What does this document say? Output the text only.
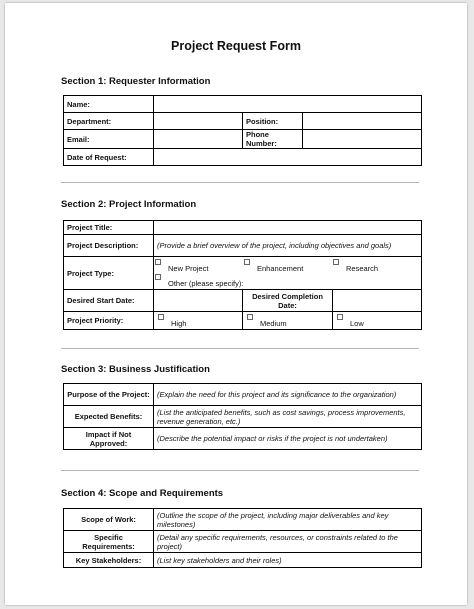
Project Request Form
Section 1: Requester Information
Name:			
Department:		Position:	
Email:		Phone Number:	
Date of Request:			
Section 2: Project Information
Project Title:			
Project Description:	(Provide a brief overview of the project, including objectives and goals)		
Project Type:	New Project Enhancement Research
Other (please specify):		

Desired Start Date:		Desired Completion Date:	
Project Priority:	High	Medium	Low
Section 3: Business Justification
Purpose of the Project:	(Explain the need for this project and its significance to the organization)
Expected Benefits:	(List the anticipated benefits, such as cost savings, process improvements, revenue generation, etc.)
Impact if Not Approved:	(Describe the potential impact or risks if the project is not undertaken)
Section 4: Scope and Requirements
Scope of Work:	(Outline the scope of the project, including major deliverables and key milestones)
Specific Requirements:	(Detail any specific requirements, resources, or constraints related to the project)
Key Stakeholders:	(List key stakeholders and their roles)
